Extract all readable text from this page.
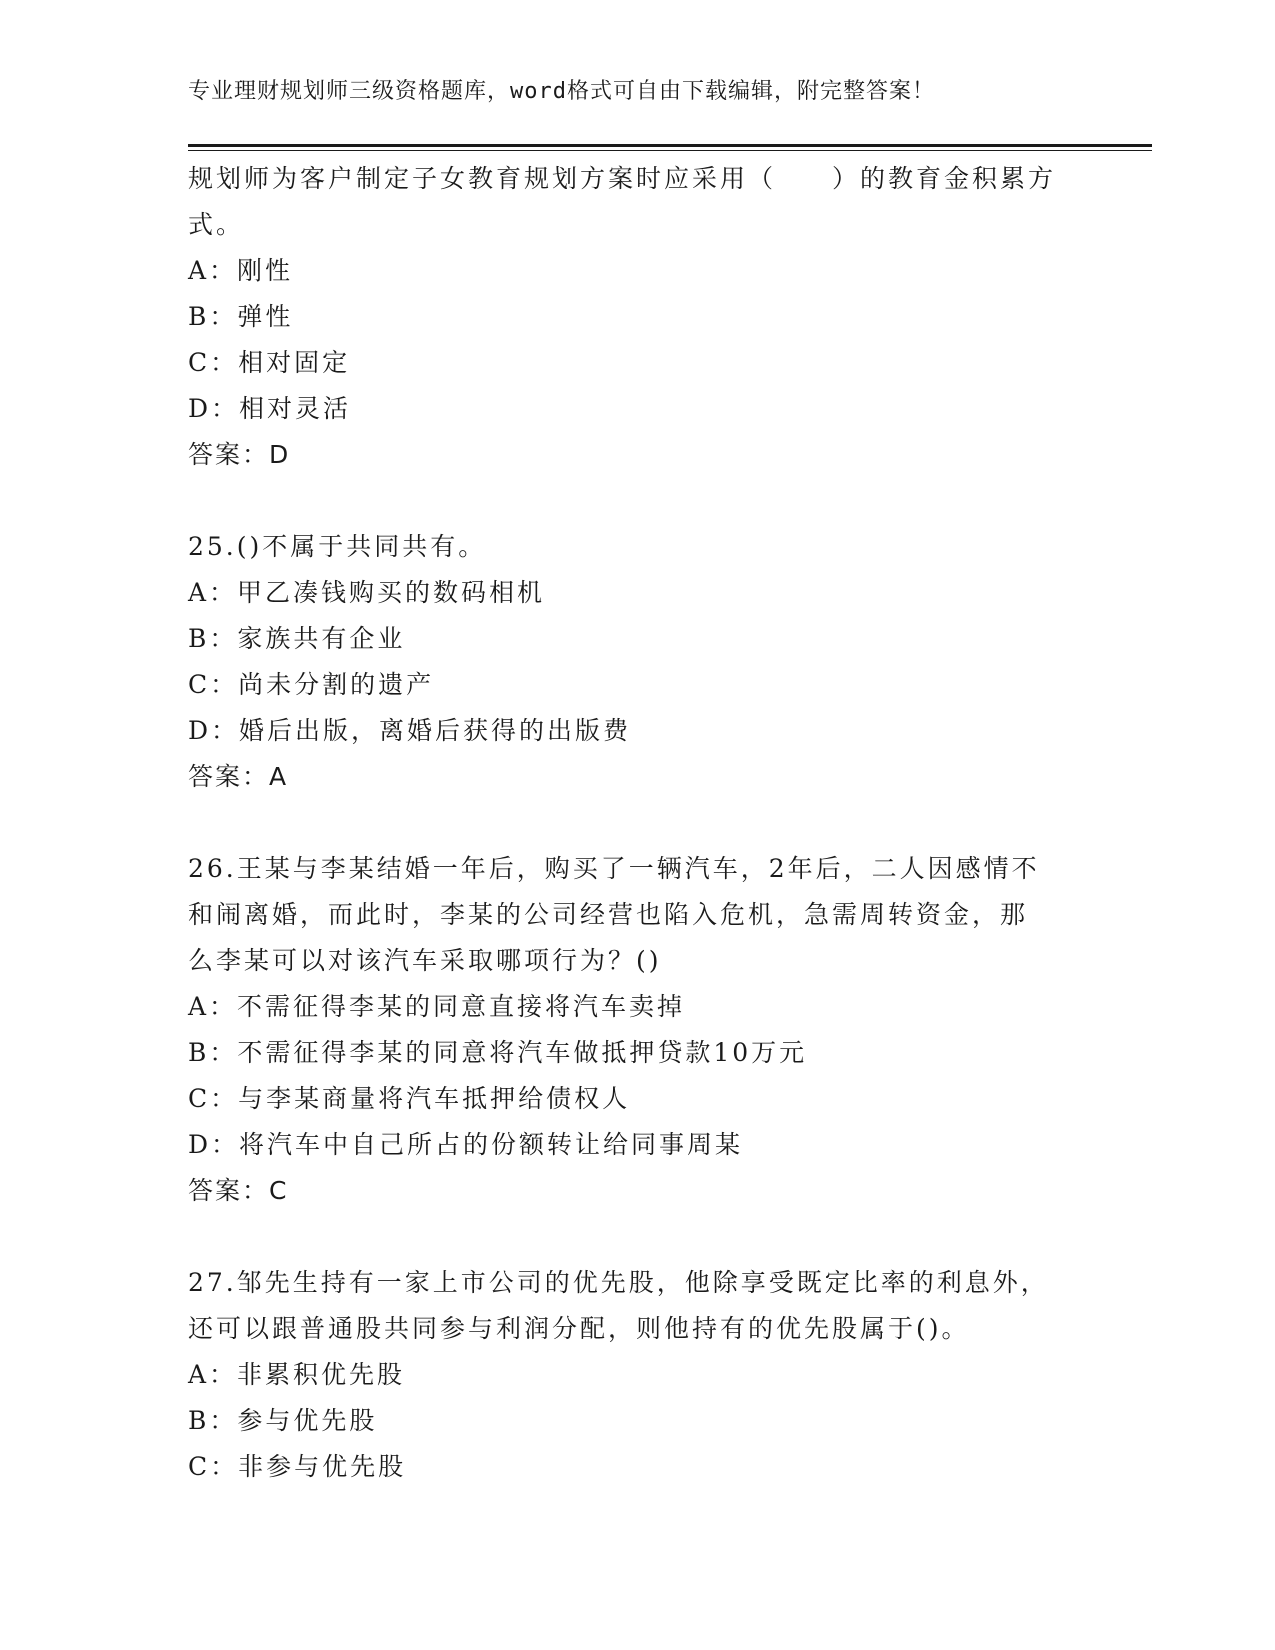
专业理财规划师三级资格题库，word格式可自由下载编辑，附完整答案！
规划师为客户制定子女教育规划方案时应采用（　　）的教育金积累方
式。
A：刚性
B：弹性
C：相对固定
D：相对灵活
答案：D
25.()不属于共同共有。
A：甲乙凑钱购买的数码相机
B：家族共有企业
C：尚未分割的遗产
D：婚后出版，离婚后获得的出版费
答案：A
26.王某与李某结婚一年后，购买了一辆汽车，2年后，二人因感情不
和闹离婚，而此时，李某的公司经营也陷入危机，急需周转资金，那
么李某可以对该汽车采取哪项行为？()
A：不需征得李某的同意直接将汽车卖掉
B：不需征得李某的同意将汽车做抵押贷款10万元
C：与李某商量将汽车抵押给债权人
D：将汽车中自己所占的份额转让给同事周某
答案：C
27.邹先生持有一家上市公司的优先股，他除享受既定比率的利息外，
还可以跟普通股共同参与利润分配，则他持有的优先股属于()。
A：非累积优先股
B：参与优先股
C：非参与优先股
